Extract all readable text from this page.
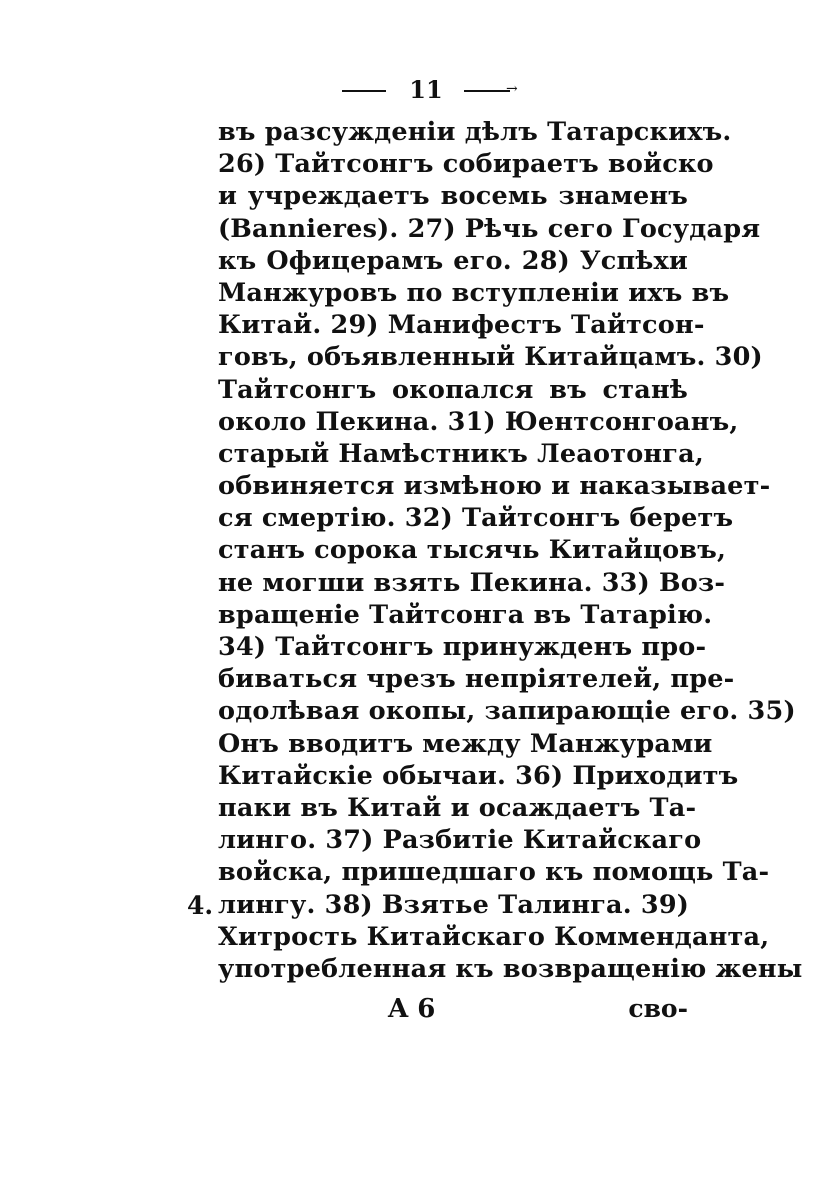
11	→
въ разсужденіи дѣлъ Татарскихъ.
26) Тайтсонгъ собираетъ войско
и учреждаетъ восемь знаменъ
(Bannieres). 27) Рѣчь сего Государя
къ Офицерамъ его. 28) Успѣхи
Манжуровъ по вступленіи ихъ въ
Китай. 29) Манифестъ Тайтсон-
говъ, объявленный Китайцамъ. 30)
Тайтсонгъ окопался въ станѣ
около Пекина. 31) Юентсонгоанъ,
старый Намѣстникъ Леаотонга,
обвиняется измѣною и наказывает-
ся смертію. 32) Тайтсонгъ беретъ
станъ сорока тысячь Китайцовъ,
не могши взять Пекина. 33) Воз-
вращеніе Тайтсонга въ Татарію.
34) Тайтсонгъ принужденъ про-
биваться чрезъ непріятелей, пре-
одолѣвая окопы, запирающіе его. 35)
Онъ вводитъ между Манжурами
Китайскіе обычаи. 36) Приходитъ
паки въ Китай и осаждаетъ Та-
линго. 37) Разбитіе Китайскаго
войска, пришедшаго къ помощь Та-
лингу. 38) Взятье Талинга. 39)
Хитрость Китайскаго Коммендантa,
употребленная къ возвращенію жены
4.
A 6	сво-
